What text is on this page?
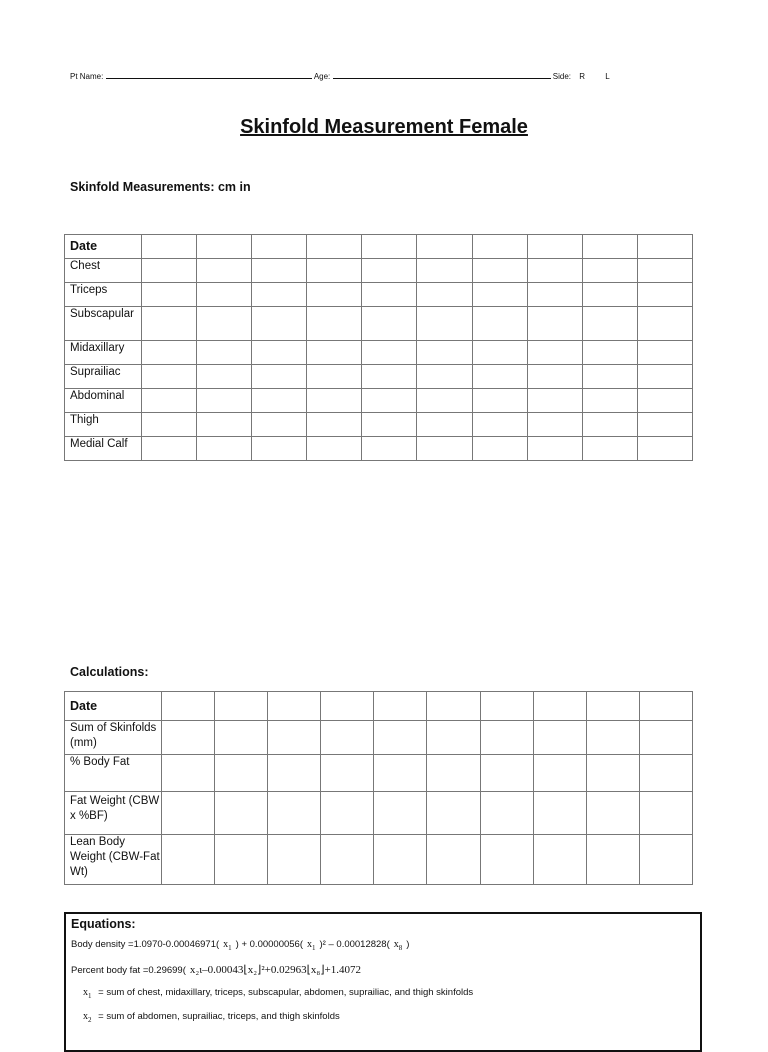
Pt Name:	Age:	Side: R	L
Skinfold Measurement Female
Skinfold Measurements: cm in
Date										
Chest										
Triceps										
Subscapular										
Midaxillary										
Suprailiac										
Abdominal										
Thigh										
Medial Calf										
Calculations:
Date										
Sum of Skinfolds (mm)										
% Body Fat										
Fat Weight (CBW x %BF)										
Lean Body Weight (CBW-Fat Wt)										
Equations:
Body density =1.0970-0.00046971( $x_1$ ) + 0.00000056( $x_1$ )² – 0.00012828( $x_8$ )
Percent body fat =0.29699( x₂ι–0.00043⌊x₂⌋²+0.02963⌊x₈⌋+1.4072
$x_1$ = sum of chest, midaxillary, triceps, subscapular, abdomen, suprailiac, and thigh skinfolds
$x_2$ = sum of abdomen, suprailiac, triceps, and thigh skinfolds
